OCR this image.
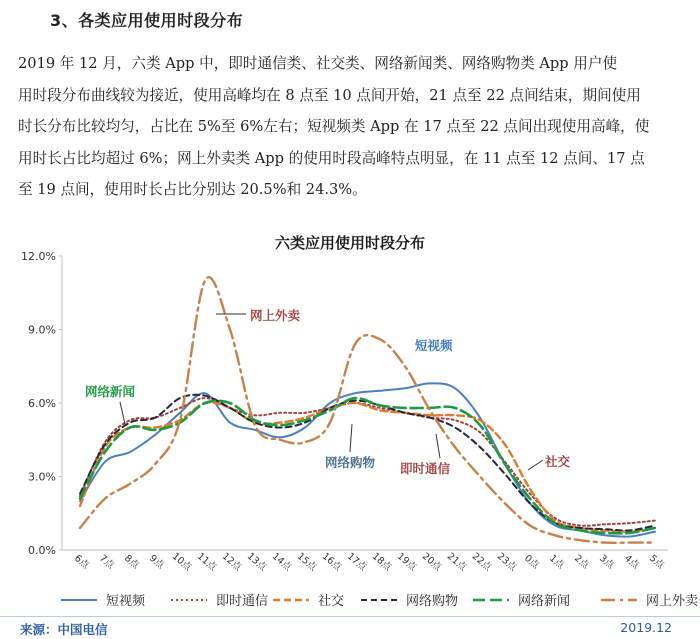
3、各类应用使用时段分布
2019 年 12 月，六类 App 中，即时通信类、社交类、网络新闻类、网络购物类 App 用户使
用时段分布曲线较为接近，使用高峰均在 8 点至 10 点间开始，21 点至 22 点间结束，期间使用
时长分布比较均匀，占比在 5%至 6%左右；短视频类 App 在 17 点至 22 点间出现使用高峰，使
用时长占比均超过 6%；网上外卖类 App 的使用时段高峰特点明显，在 11 点至 12 点间、17 点
至 19 点间，使用时长占比分别达 20.5%和 24.3%。
六类应用使用时段分布
0.0%
3.0%
6.0%
9.0%
12.0%
6点 7点 8点 9点 10点 11点 12点 13点 14点 15点 16点 17点 18点 19点 20点 21点 22点 23点 0点 1点 2点 3点 4点 5点
网上外卖
短视频
网络新闻
网络购物 即时通信	社交
短视频	即时通信	社交	网络购物	网络新闻	网上外卖
来源：中国电信	2019.12
